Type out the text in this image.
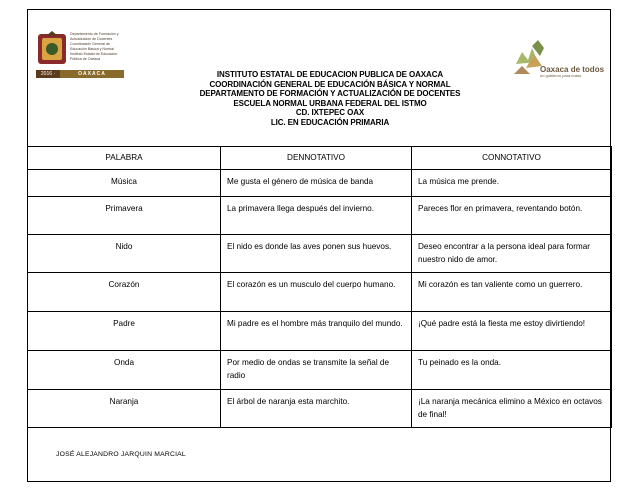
Departamento de Formación y
Actualización de Docentes
Coordinación General de
Educación Básica y Normal
Instituto Estatal de Educación
Pública de Oaxaca
2016 · 2016
OAXACA	Oaxaca de todos
un gobierno para todos
INSTITUTO ESTATAL DE EDUCACION PUBLICA DE OAXACA
COORDINACIÓN GENERAL DE EDUCACIÓN BÁSICA Y NORMAL
DEPARTAMENTO DE FORMACIÓN Y ACTUALIZACIÓN DE DOCENTES
ESCUELA NORMAL URBANA FEDERAL DEL ISTMO
CD. IXTEPEC OAX
LIC. EN EDUCACIÓN PRIMARIA
PALABRA	DENNOTATIVO	CONNOTATIVO
Música	Me gusta el género de música de banda	La música me prende.
Primavera	La primavera llega después del invierno.	Pareces flor en primavera, reventando botón.
Nido	El nido es donde las aves ponen sus huevos.	Deseo encontrar a la persona ideal para formar nuestro nido de amor.
Corazón	El corazón es un musculo del cuerpo humano.	Mi corazón es tan valiente como un guerrero.
Padre	Mi padre es el hombre más tranquilo del mundo.	¡Qué padre está la fiesta me estoy divirtiendo!
Onda	Por medio de ondas se transmite la señal de radio	Tu peinado es la onda.
Naranja	El árbol de naranja esta marchito.	¡La naranja mecánica elimino a México en octavos de final!
JOSÉ ALEJANDRO JARQUIN MARCIAL
